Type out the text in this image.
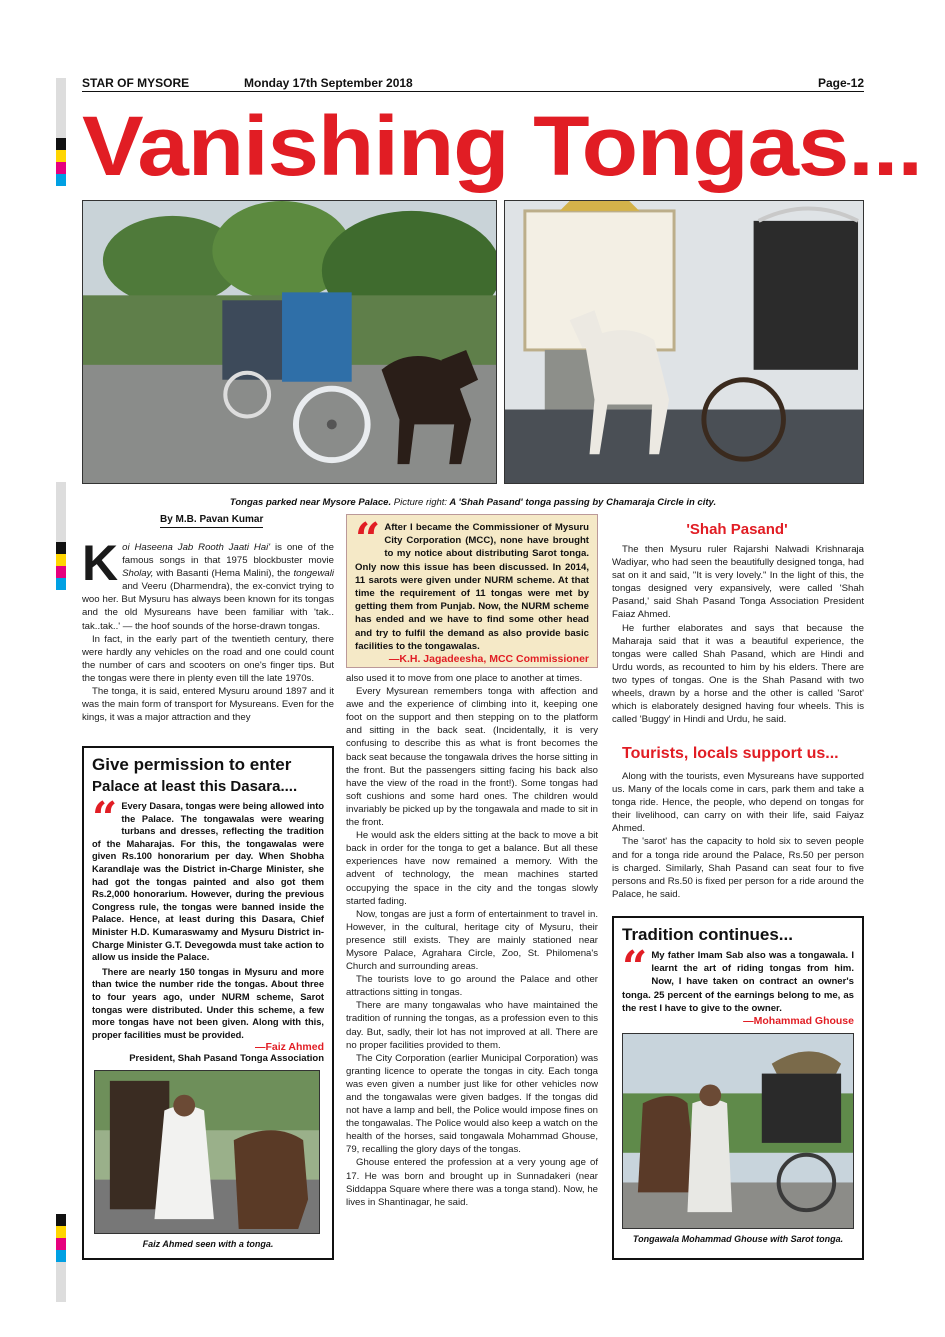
STAR OF MYSORE	Monday 17th September 2018	Page-12
Vanishing Tongas...
Tongas parked near Mysore Palace. Picture right: A 'Shah Pasand' tonga passing by Chamaraja Circle in city.
By M.B. Pavan Kumar

Koi Haseena Jab Rooth Jaati Hai' is one of the famous songs in that 1975 blockbuster movie Sholay, with Basanti (Hema Malini), the tongewali and Veeru (Dharmendra), the ex-convict trying to woo her. But Mysuru has always been known for its tongas and the old Mysureans have been familiar with 'tak.. tak..tak..' — the hoof sounds of the horse-drawn tongas.

In fact, in the early part of the twentieth century, there were hardly any vehicles on the road and one could count the number of cars and scooters on one's finger tips. But the tongas were there in plenty even till the late 1970s.

The tonga, it is said, entered Mysuru around 1897 and it was the main form of transport for Mysureans. Even for the kings, it was a major attraction and they

Give permission to enter
Palace at least this Dasara....
“ Every Dasara, tongas were being allowed into the Palace. The tongawalas were wearing turbans and dresses, reflecting the tradition of the Maharajas. For this, the tongawalas were given Rs.100 honorarium per day. When Shobha Karandlaje was the District in-Charge Minister, she had got the tongas painted and also got them Rs.2,000 honorarium. However, during the previous Congress rule, the tongas were banned inside the Palace. Hence, at least during this Dasara, Chief Minister H.D. Kumaraswamy and Mysuru District in-Charge Minister G.T. Devegowda must take action to allow us inside the Palace.

There are nearly 150 tongas in Mysuru and more than twice the number ride the tongas. About three to four years ago, under NURM scheme, Sarot tongas were distributed. Under this scheme, a few more tongas have not been given. Along with this, proper facilities must be provided.

—Faiz Ahmed
President, Shah Pasand Tonga Association
Faiz Ahmed seen with a tonga.
“ After I became the Commissioner of Mysuru City Corporation (MCC), none have brought to my notice about distributing Sarot tonga. Only now this issue has been discussed. In 2014, 11 sarots were given under NURM scheme. At that time the requirement of 11 tongas were met by getting them from Punjab. Now, the NURM scheme has ended and we have to find some other head and try to fulfil the demand as also provide basic facilities to the tongawalas.
—K.H. Jagadeesha, MCC Commissioner

also used it to move from one place to another at times.

Every Mysurean remembers tonga with affection and awe and the experience of climbing into it, keeping one foot on the support and then stepping on to the platform and sitting in the back seat. (Incidentally, it is very confusing to describe this as what is front becomes the back seat because the tongawala drives the horse sitting in the front. But the passengers sitting facing his back also have the view of the road in the front!). Some tongas had soft cushions and some hard ones. The children would invariably be picked up by the tongawala and made to sit in the front.

He would ask the elders sitting at the back to move a bit back in order for the tonga to get a balance. But all these experiences have now remained a memory. With the advent of technology, the mean machines started occupying the space in the city and the tongas slowly started fading.

Now, tongas are just a form of entertainment to travel in. However, in the cultural, heritage city of Mysuru, their presence still exists. They are mainly stationed near Mysore Palace, Agrahara Circle, Zoo, St. Philomena's Church and surrounding areas.

The tourists love to go around the Palace and other attractions sitting in tongas.

There are many tongawalas who have maintained the tradition of running the tongas, as a profession even to this day. But, sadly, their lot has not improved at all. There are no proper facilities provided to them.

The City Corporation (earlier Municipal Corporation) was granting licence to operate the tongas in city. Each tonga was even given a number just like for other vehicles now and the tongawalas were given badges. If the tongas did not have a lamp and bell, the Police would impose fines on the tongawalas. The Police would also keep a watch on the health of the horses, said tongawala Mohammad Ghouse, 79, recalling the glory days of the tongas.

Ghouse entered the profession at a very young age of 17. He was born and brought up in Sunnadakeri (near Siddappa Square where there was a tonga stand). Now, he lives in Shantinagar, he said.

'Shah Pasand'

The then Mysuru ruler Rajarshi Nalwadi Krishnaraja Wadiyar, who had seen the beautifully designed tonga, had sat on it and said, "It is very lovely." In the light of this, the tongas designed very expansively, were called 'Shah Pasand,' said Shah Pasand Tonga Association President Faiaz Ahmed.

He further elaborates and says that because the Maharaja said that it was a beautiful experience, the tongas were called Shah Pasand, which are Hindi and Urdu words, as recounted to him by his elders. There are two types of tongas. One is the Shah Pasand with two wheels, drawn by a horse and the other is called 'Sarot' which is elaborately designed having four wheels. This is called 'Buggy' in Hindi and Urdu, he said.

Tourists, locals support us...

Along with the tourists, even Mysureans have supported us. Many of the locals come in cars, park them and take a tonga ride. Hence, the people, who depend on tongas for their livelihood, can carry on with their life, said Faiyaz Ahmed.

The 'sarot' has the capacity to hold six to seven people and for a tonga ride around the Palace, Rs.50 per person is charged. Similarly, Shah Pasand can seat four to five persons and Rs.50 is fixed per person for a ride around the Palace, he said.

Tradition continues...
“ My father Imam Sab also was a tongawala. I learnt the art of riding tongas from him. Now, I have taken on contract an owner's tonga. 25 percent of the earnings belong to me, as the rest I have to give to the owner.
—Mohammad Ghouse
Tongawala Mohammad Ghouse with Sarot tonga.
